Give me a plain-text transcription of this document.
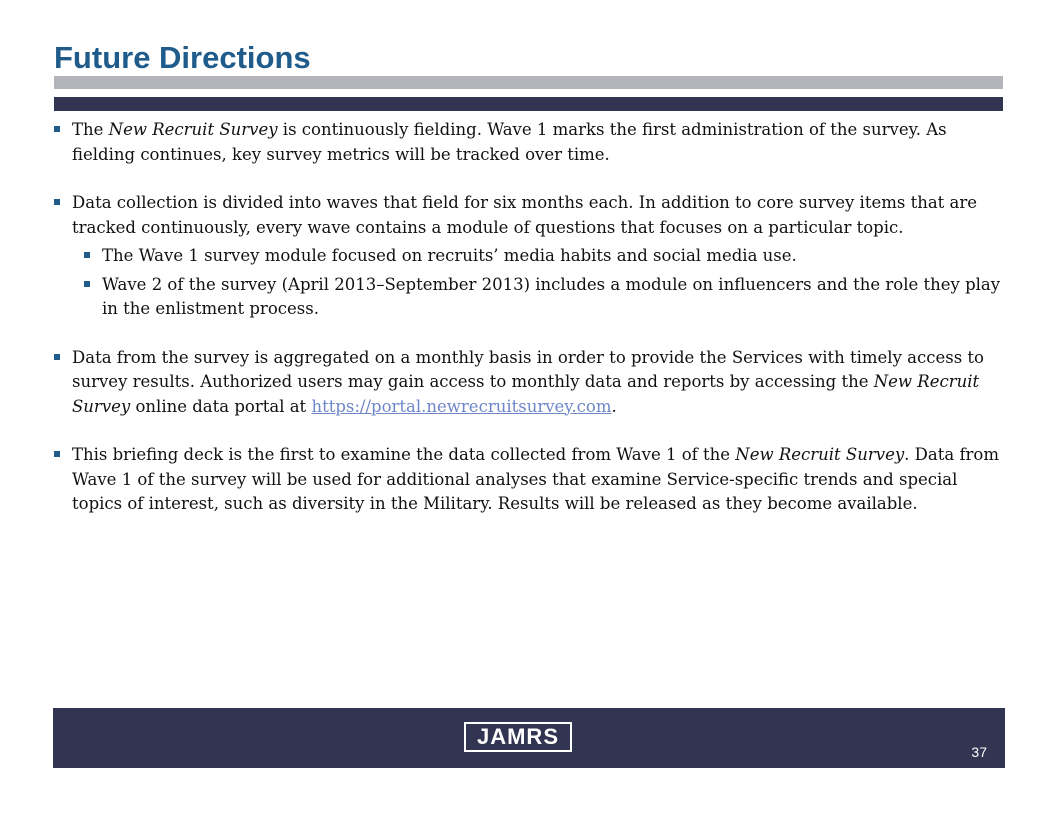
Future Directions

The New Recruit Survey is continuously fielding. Wave 1 marks the first administration of the survey. As fielding continues, key survey metrics will be tracked over time.

Data collection is divided into waves that field for six months each. In addition to core survey items that are tracked continuously, every wave contains a module of questions that focuses on a particular topic.

The Wave 1 survey module focused on recruits’ media habits and social media use.

Wave 2 of the survey (April 2013–September 2013) includes a module on influencers and the role they play in the enlistment process.

Data from the survey is aggregated on a monthly basis in order to provide the Services with timely access to survey results. Authorized users may gain access to monthly data and reports by accessing the New Recruit Survey online data portal at https://portal.newrecruitsurvey.com.

This briefing deck is the first to examine the data collected from Wave 1 of the New Recruit Survey. Data from Wave 1 of the survey will be used for additional analyses that examine Service-specific trends and special topics of interest, such as diversity in the Military. Results will be released as they become available.

JAMRS
37
